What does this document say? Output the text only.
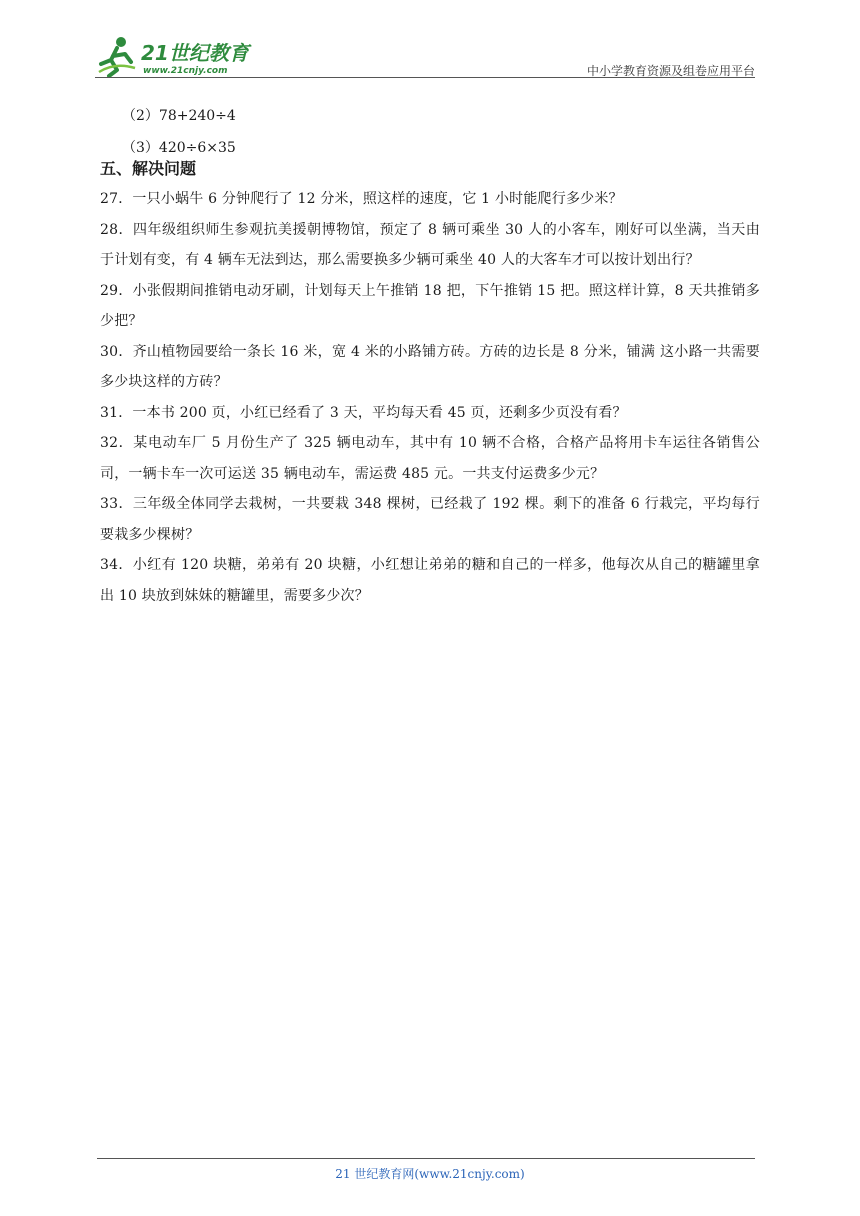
21世纪教育
www.21cnjy.com	中小学教育资源及组卷应用平台

（2）78+240÷4

（3）420÷6×35

五、解决问题

27．一只小蜗牛 6 分钟爬行了 12 分米，照这样的速度，它 1 小时能爬行多少米？

28．四年级组织师生参观抗美援朝博物馆，预定了 8 辆可乘坐 30 人的小客车，刚好可以坐满，当天由于计划有变，有 4 辆车无法到达，那么需要换多少辆可乘坐 40 人的大客车才可以按计划出行？

29．小张假期间推销电动牙刷，计划每天上午推销 18 把，下午推销 15 把。照这样计算，8 天共推销多少把？

30．齐山植物园要给一条长 16 米，宽 4 米的小路铺方砖。方砖的边长是 8 分米，铺满 这小路一共需要多少块这样的方砖？

31．一本书 200 页，小红已经看了 3 天，平均每天看 45 页，还剩多少页没有看？

32．某电动车厂 5 月份生产了 325 辆电动车，其中有 10 辆不合格，合格产品将用卡车运往各销售公司，一辆卡车一次可运送 35 辆电动车，需运费 485 元。一共支付运费多少元？

33．三年级全体同学去栽树，一共要栽 348 棵树，已经栽了 192 棵。剩下的准备 6 行栽完，平均每行要栽多少棵树？

34．小红有 120 块糖，弟弟有 20 块糖，小红想让弟弟的糖和自己的一样多，他每次从自己的糖罐里拿出 10 块放到妹妹的糖罐里，需要多少次？

21 世纪教育网(www.21cnjy.com)
